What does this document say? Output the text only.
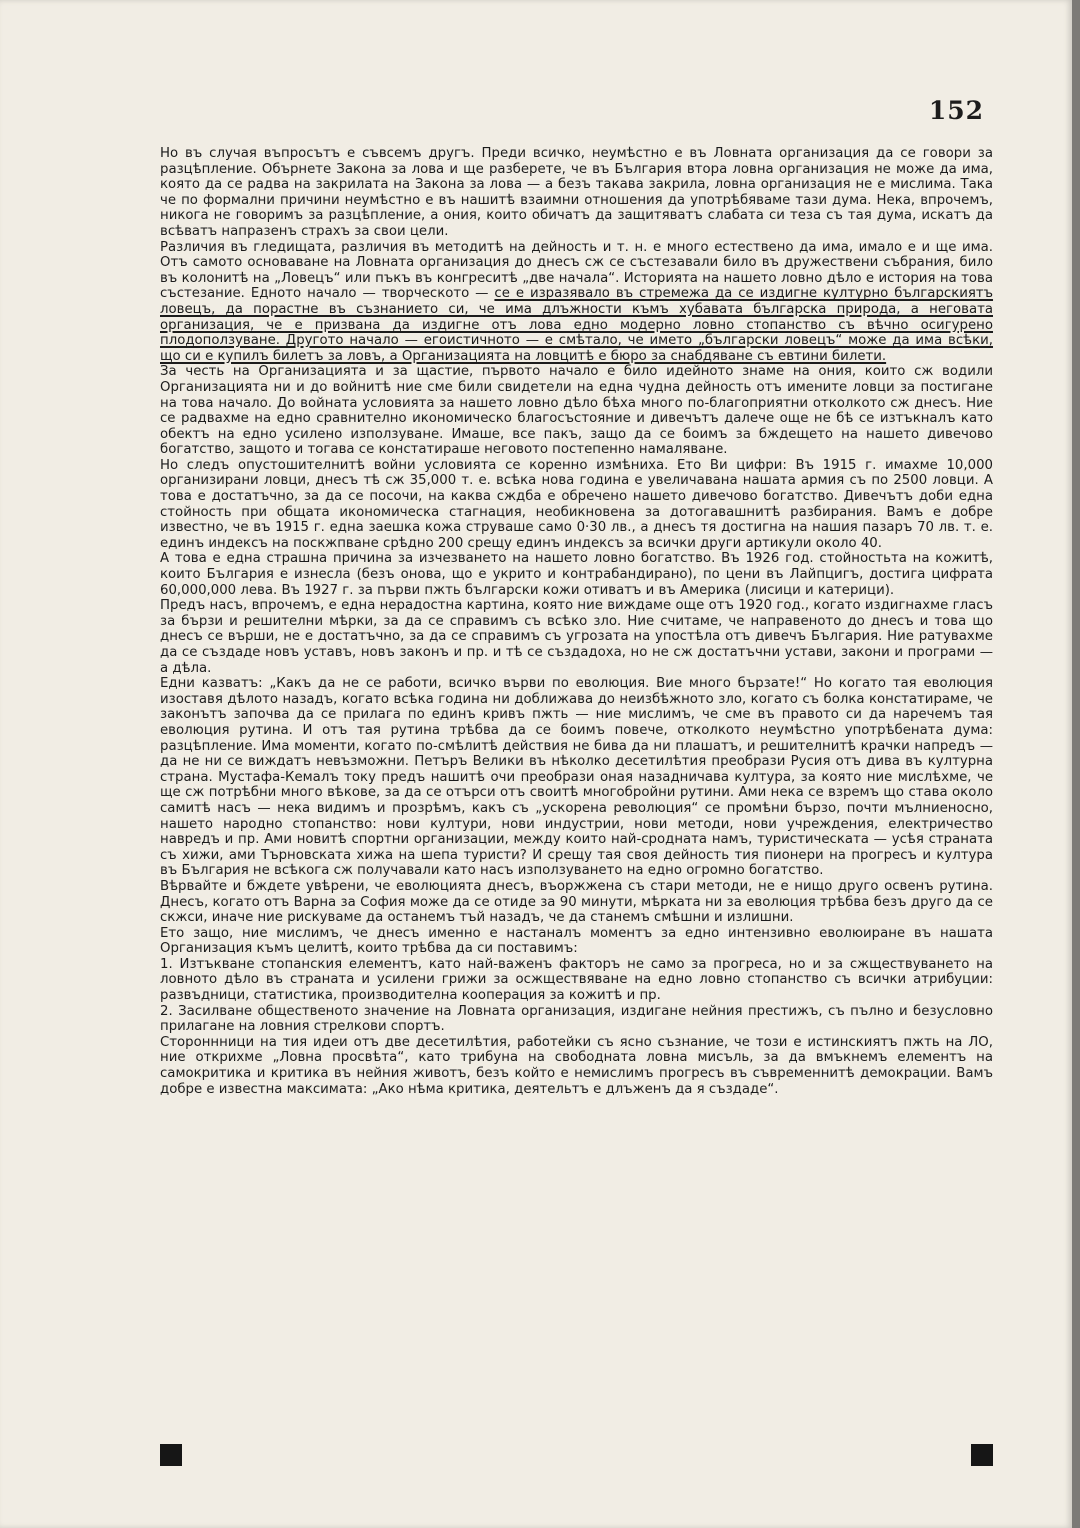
152

Но въ случая въпросътъ е съвсемъ другъ. Преди всичко, неумѣстно е въ Ловната организация да се говори за разцѣпление. Обърнете Закона за лова и ще разберете, че въ България втора ловна организация не може да има, която да се радва на закрилата на Закона за лова — а безъ такава закрила, ловна организация не е мислима. Така че по формални причини неумѣстно е въ нашитѣ взаимни отношения да употрѣбяваме тази дума. Нека, впрочемъ, никога не говоримъ за разцѣпление, а ония, които обичатъ да защитяватъ слабата си теза съ тая дума, искатъ да всѣватъ напразенъ страхъ за свои цели.

Различия въ гледищата, различия въ методитѣ на дейность и т. н. е много естествено да има, имало е и ще има. Отъ самото основаване на Ловната организация до днесъ сж се състезавали било въ дружествени събрания, било въ колонитѣ на „Ловецъ“ или пъкъ въ конгреситѣ „две начала“. Историята на нашето ловно дѣло е история на това състезание. Едното начало — творческото — се е изразявало въ стремежа да се издигне културно българскиятъ ловецъ, да порастне въ съзнанието си, че има длъжности къмъ хубавата българска природа, а неговата организация, че е призвана да издигне отъ лова едно модерно ловно стопанство съ вѣчно осигурено плодоползуване. Другото начало — егоистичното — е смѣтало, че името „български ловецъ“ може да има всѣки, що си е купилъ билетъ за ловъ, а Организацията на ловцитѣ е бюро за снабдяване съ евтини билети.

За честь на Организацията и за щастие, първото начало е било идейното знаме на ония, които сж водили Организацията ни и до войнитѣ ние сме били свидетели на една чудна дейность отъ имените ловци за постигане на това начало. До войната условията за нашето ловно дѣло бѣха много по-благоприятни отколкото сж днесъ. Ние се радвахме на едно сравнително икономическо благосъстояние и дивечътъ далече още не бѣ се изтъкналъ като обектъ на едно усилено използуване. Имаше, все пакъ, защо да се боимъ за бждещето на нашето дивечово богатство, защото и тогава се констатираше неговото постепенно намаляване.

Но следъ опустошителнитѣ войни условията се коренно измѣниха. Ето Ви цифри: Въ 1915 г. имахме 10,000 организирани ловци, днесъ тѣ сж 35,000 т. е. всѣка нова година е увеличавана нашата армия съ по 2500 ловци. А това е достатъчно, за да се посочи, на каква сждба е обречено нашето дивечово богатство. Дивечътъ доби една стойность при общата икономическа стагнация, необикновена за дотогавашнитѣ разбирания. Вамъ е добре известно, че въ 1915 г. една заешка кожа струваше само 0·30 лв., а днесъ тя достигна на нашия пазаръ 70 лв. т. е. единъ индексъ на поскжпване срѣдно 200 срещу единъ индексъ за всички други артикули около 40.

А това е една страшна причина за изчезването на нашето ловно богатство. Въ 1926 год. стойностьта на кожитѣ, които България е изнесла (безъ онова, що е укрито и контрабандирано), по цени въ Лайпцигъ, достига цифрата 60,000,000 лева. Въ 1927 г. за първи пжть български кожи отиватъ и въ Америка (лисици и катерици).

Предъ насъ, впрочемъ, е една нерадостна картина, която ние виждаме още отъ 1920 год., когато издигнахме гласъ за бързи и решителни мѣрки, за да се справимъ съ всѣко зло. Ние считаме, че направеното до днесъ и това що днесъ се върши, не е достатъчно, за да се справимъ съ угрозата на упостѣла отъ дивечъ България. Ние ратувахме да се създаде новъ уставъ, новъ законъ и пр. и тѣ се създадоха, но не сж достатъчни устави, закони и програми — а дѣла.

Едни казватъ: „Какъ да не се работи, всичко върви по еволюция. Вие много бързате!“ Но когато тая еволюция изоставя дѣлото назадъ, когато всѣка година ни доближава до неизбѣжното зло, когато съ болка констатираме, че законътъ започва да се прилага по единъ кривъ пжть — ние мислимъ, че сме въ правото си да наречемъ тая еволюция рутина. И отъ тая рутина трѣбва да се боимъ повече, отколкото неумѣстно употрѣбената дума: разцѣпление. Има моменти, когато по-смѣлитѣ действия не бива да ни плашатъ, и решителнитѣ крачки напредъ — да не ни се виждатъ невъзможни. Петъръ Велики въ нѣколко десетилѣтия преобрази Русия отъ дива въ културна страна. Мустафа-Кемалъ току предъ нашитѣ очи преобрази оная назадничава култура, за която ние мислѣхме, че ще сж потрѣбни много вѣкове, за да се отърси отъ своитѣ многобройни рутини. Ами нека се взремъ що става около самитѣ насъ — нека видимъ и прозрѣмъ, какъ съ „ускорена революция“ се промѣни бързо, почти мълниеносно, нашето народно стопанство: нови култури, нови индустрии, нови методи, нови учреждения, електричество навредъ и пр. Ами новитѣ спортни организации, между които най-сродната намъ, туристическата — усѣя страната съ хижи, ами Търновската хижа на шепа туристи? И срещу тая своя дейность тия пионери на прогресъ и култура въ България не всѣкога сж получавали като насъ използуването на едно огромно богатство.

Вѣрвайте и бждете увѣрени, че еволюцията днесъ, въоржжена съ стари методи, не е нищо друго освенъ рутина. Днесъ, когато отъ Варна за София може да се отиде за 90 минути, мѣрката ни за еволюция трѣбва безъ друго да се скжси, иначе ние рискуваме да останемъ тъй назадъ, че да станемъ смѣшни и излишни.

Ето защо, ние мислимъ, че днесъ именно е настаналъ моментъ за едно интензивно еволюиране въ нашата Организация къмъ целитѣ, които трѣбва да си поставимъ:

1. Изтъкване стопанския елементъ, като най-важенъ факторъ не само за прогреса, но и за сжществуването на ловното дѣло въ страната и усилени грижи за осжществяване на едно ловно стопанство съ всички атрибуции: развъдници, статистика, производителна кооперация за кожитѣ и пр.

2. Засилване общественото значение на Ловната организация, издигане нейния престижъ, съ пълно и безусловно прилагане на ловния стрелкови спортъ.

Стороннници на тия идеи отъ две десетилѣтия, работейки съ ясно съзнание, че този е истинскиятъ пжть на ЛО, ние открихме „Ловна просвѣта“, като трибуна на свободната ловна мисъль, за да вмъкнемъ елементъ на самокритика и критика въ нейния животъ, безъ който е немислимъ прогресъ въ съвременнитѣ демокрации. Вамъ добре е известна максимата: „Ако нѣма критика, деятельтъ е длъженъ да я създаде“.
